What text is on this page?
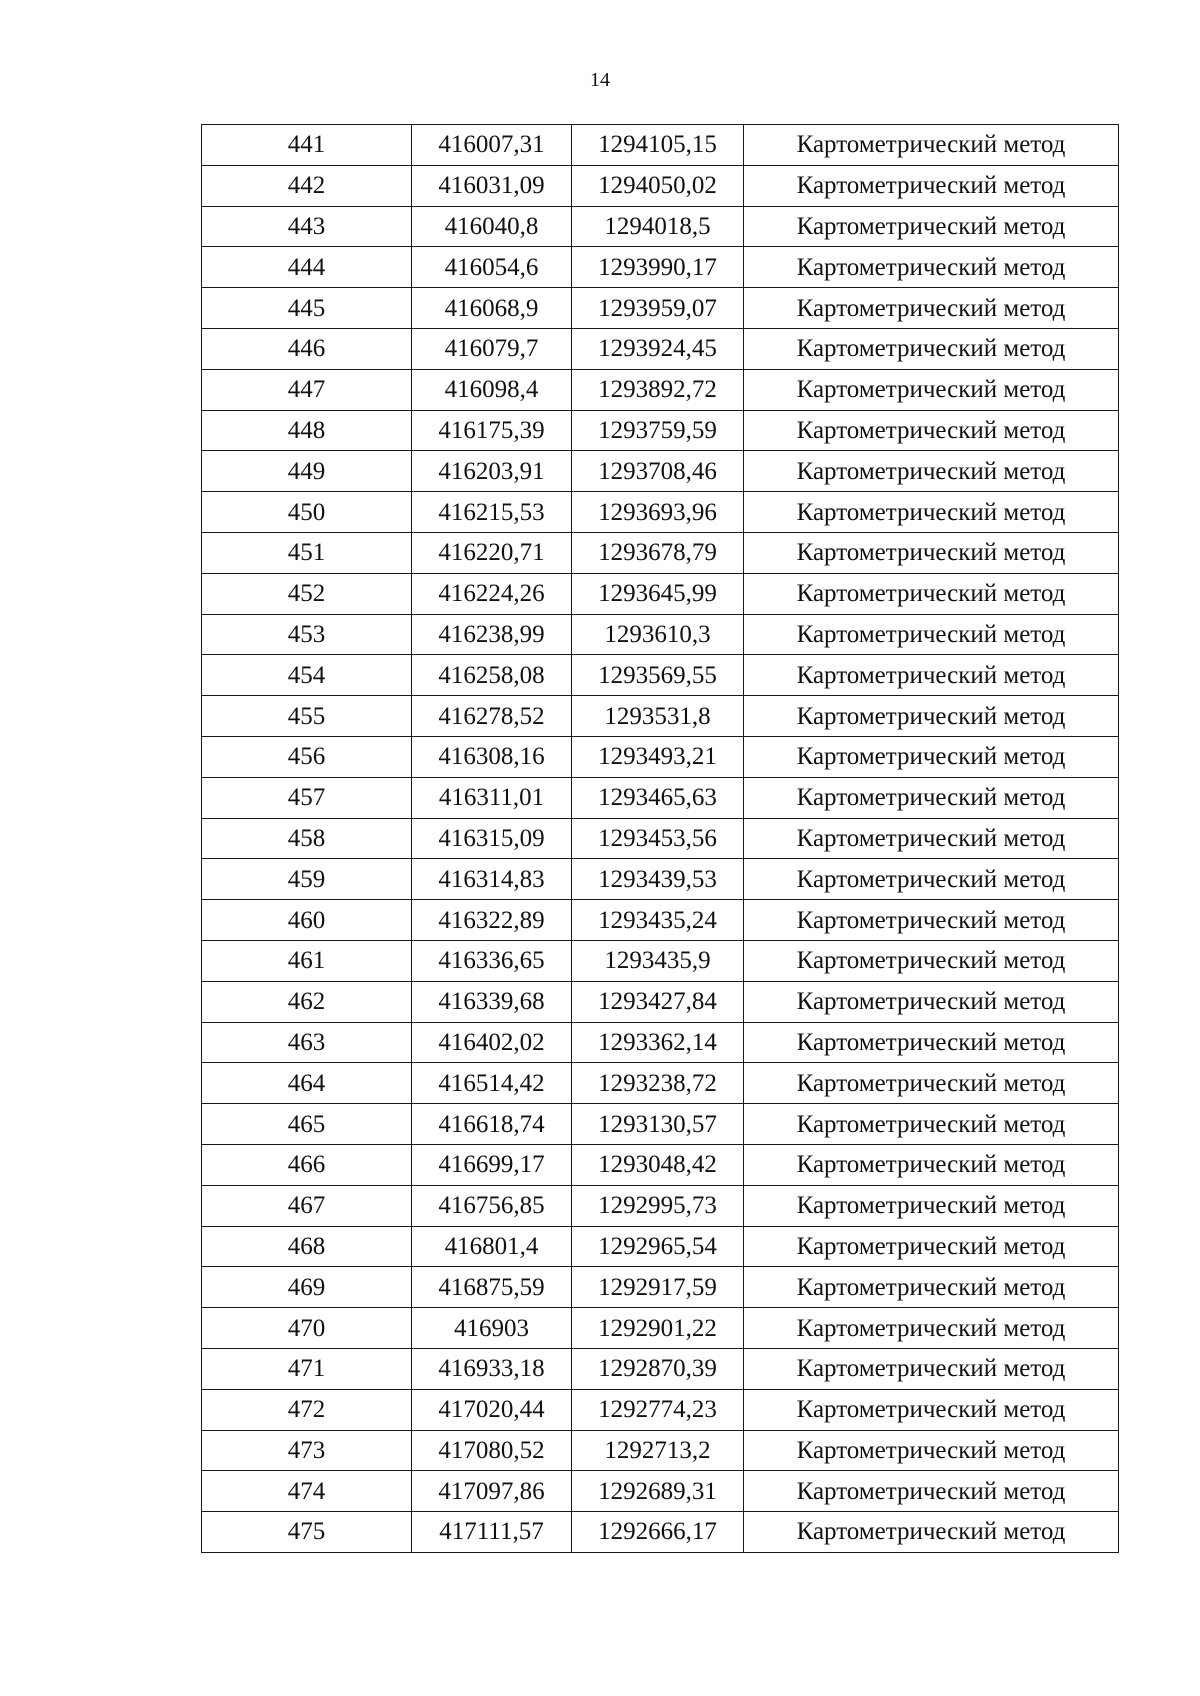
14
441	416007,31	1294105,15	Картометрический метод
442	416031,09	1294050,02	Картометрический метод
443	416040,8	1294018,5	Картометрический метод
444	416054,6	1293990,17	Картометрический метод
445	416068,9	1293959,07	Картометрический метод
446	416079,7	1293924,45	Картометрический метод
447	416098,4	1293892,72	Картометрический метод
448	416175,39	1293759,59	Картометрический метод
449	416203,91	1293708,46	Картометрический метод
450	416215,53	1293693,96	Картометрический метод
451	416220,71	1293678,79	Картометрический метод
452	416224,26	1293645,99	Картометрический метод
453	416238,99	1293610,3	Картометрический метод
454	416258,08	1293569,55	Картометрический метод
455	416278,52	1293531,8	Картометрический метод
456	416308,16	1293493,21	Картометрический метод
457	416311,01	1293465,63	Картометрический метод
458	416315,09	1293453,56	Картометрический метод
459	416314,83	1293439,53	Картометрический метод
460	416322,89	1293435,24	Картометрический метод
461	416336,65	1293435,9	Картометрический метод
462	416339,68	1293427,84	Картометрический метод
463	416402,02	1293362,14	Картометрический метод
464	416514,42	1293238,72	Картометрический метод
465	416618,74	1293130,57	Картометрический метод
466	416699,17	1293048,42	Картометрический метод
467	416756,85	1292995,73	Картометрический метод
468	416801,4	1292965,54	Картометрический метод
469	416875,59	1292917,59	Картометрический метод
470	416903	1292901,22	Картометрический метод
471	416933,18	1292870,39	Картометрический метод
472	417020,44	1292774,23	Картометрический метод
473	417080,52	1292713,2	Картометрический метод
474	417097,86	1292689,31	Картометрический метод
475	417111,57	1292666,17	Картометрический метод
